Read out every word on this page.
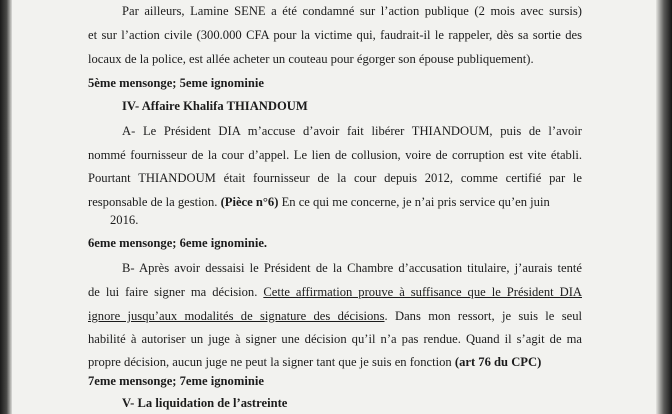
Par ailleurs, Lamine SENE a été condamné sur l’action publique (2 mois avec sursis)
et sur l’action civile (300.000 CFA pour la victime qui, faudrait-il le rappeler, dès sa sortie des
locaux de la police, est allée acheter un couteau pour égorger son épouse publiquement).
5ème mensonge; 5eme ignominie
IV- Affaire Khalifa THIANDOUM
A- Le Président DIA m’accuse d’avoir fait libérer THIANDOUM, puis de l’avoir
nommé fournisseur de la cour d’appel. Le lien de collusion, voire de corruption est vite établi.
Pourtant THIANDOUM était fournisseur de la cour depuis 2012, comme certifié par le
responsable de la gestion. (Pièce n°6) En ce qui me concerne, je n’ai pris service qu’en juin
2016.
6eme mensonge; 6eme ignominie.
B- Après avoir dessaisi le Président de la Chambre d’accusation titulaire, j’aurais tenté
de lui faire signer ma décision. Cette affirmation prouve à suffisance que le Président DIA
ignore jusqu’aux modalités de signature des décisions. Dans mon ressort, je suis le seul
habilité à autoriser un juge à signer une décision qu’il n’a pas rendue. Quand il s’agit de ma
propre décision, aucun juge ne peut la signer tant que je suis en fonction (art 76 du CPC)
7eme mensonge; 7eme ignominie
V- La liquidation de l’astreinte
